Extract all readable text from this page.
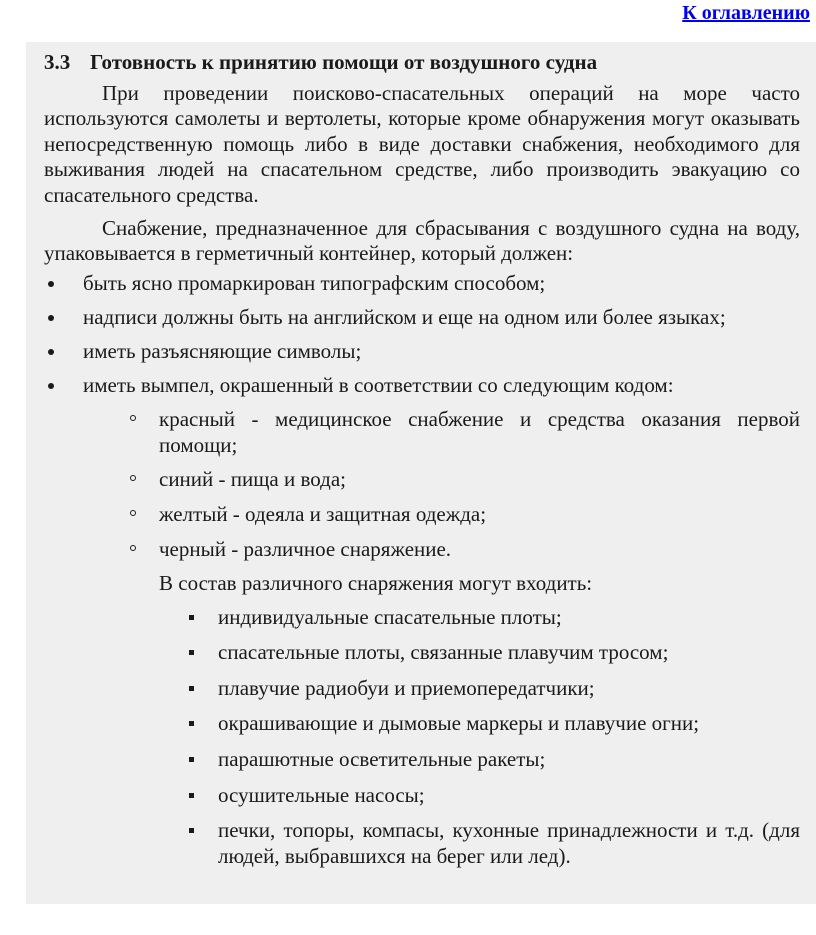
К оглавлению
3.3 Готовность к принятию помощи от воздушного судна

При проведении поисково-спасательных операций на море часто используются самолеты и вертолеты, которые кроме обнаружения могут оказывать непосредственную помощь либо в виде доставки снабжения, необходимого для выживания людей на спасательном средстве, либо производить эвакуацию со спасательного средства.

Снабжение, предназначенное для сбрасывания с воздушного судна на воду, упаковывается в герметичный контейнер, который должен:

быть ясно промаркирован типографским способом;
надписи должны быть на английском и еще на одном или более языках;
иметь разъясняющие символы;
иметь вымпел, окрашенный в соответствии со следующим кодом:
красный - медицинское снабжение и средства оказания первой помощи;
синий - пища и вода;
желтый - одеяла и защитная одежда;
черный - различное снаряжение.
В состав различного снаряжения могут входить:
индивидуальные спасательные плоты;
спасательные плоты, связанные плавучим тросом;
плавучие радиобуи и приемопередатчики;
окрашивающие и дымовые маркеры и плавучие огни;
парашютные осветительные ракеты;
осушительные насосы;
печки, топоры, компасы, кухонные принадлежности и т.д. (для людей, выбравшихся на берег или лед).
